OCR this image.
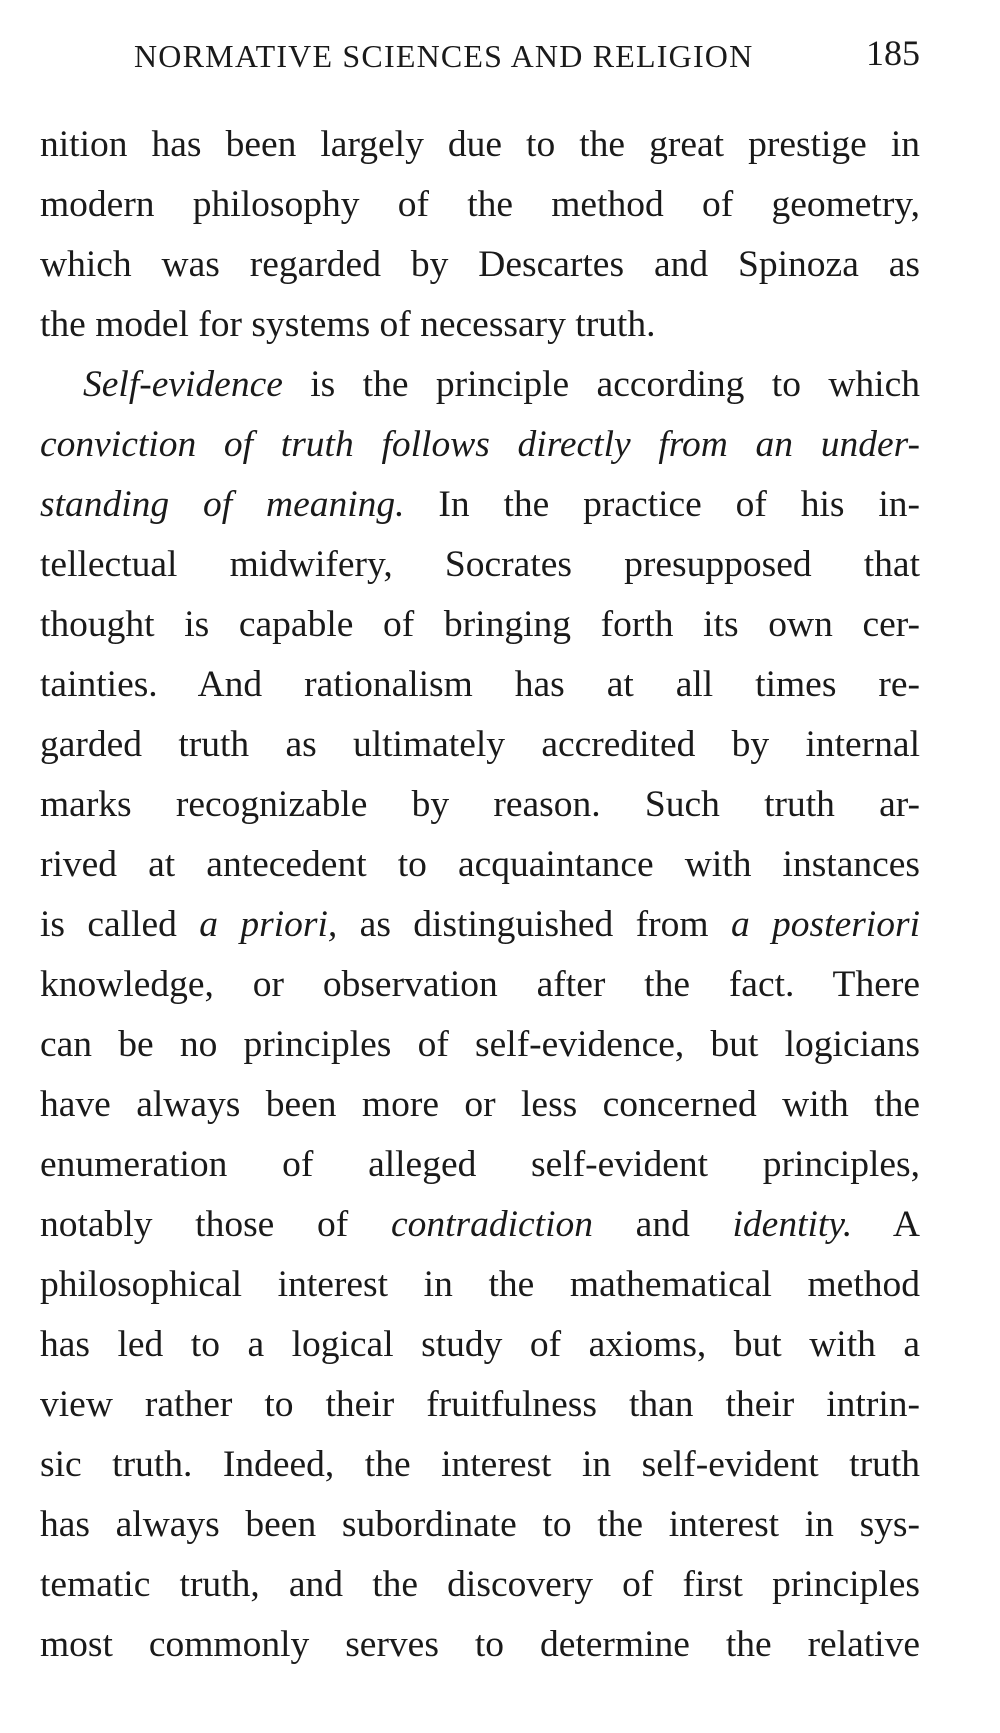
NORMATIVE SCIENCES AND RELIGION	185
nition has been largely due to the great prestige in
modern philosophy of the method of geometry,
which was regarded by Descartes and Spinoza as
the model for systems of necessary truth.
Self-evidence is the principle according to which
conviction of truth follows directly from an under-
standing of meaning. In the practice of his in-
tellectual midwifery, Socrates presupposed that
thought is capable of bringing forth its own cer-
tainties. And rationalism has at all times re-
garded truth as ultimately accredited by internal
marks recognizable by reason. Such truth ar-
rived at antecedent to acquaintance with instances
is called a priori, as distinguished from a posteriori
knowledge, or observation after the fact. There
can be no principles of self-evidence, but logicians
have always been more or less concerned with the
enumeration of alleged self-evident principles,
notably those of contradiction and identity. A
philosophical interest in the mathematical method
has led to a logical study of axioms, but with a
view rather to their fruitfulness than their intrin-
sic truth. Indeed, the interest in self-evident truth
has always been subordinate to the interest in sys-
tematic truth, and the discovery of first principles
most commonly serves to determine the relative
